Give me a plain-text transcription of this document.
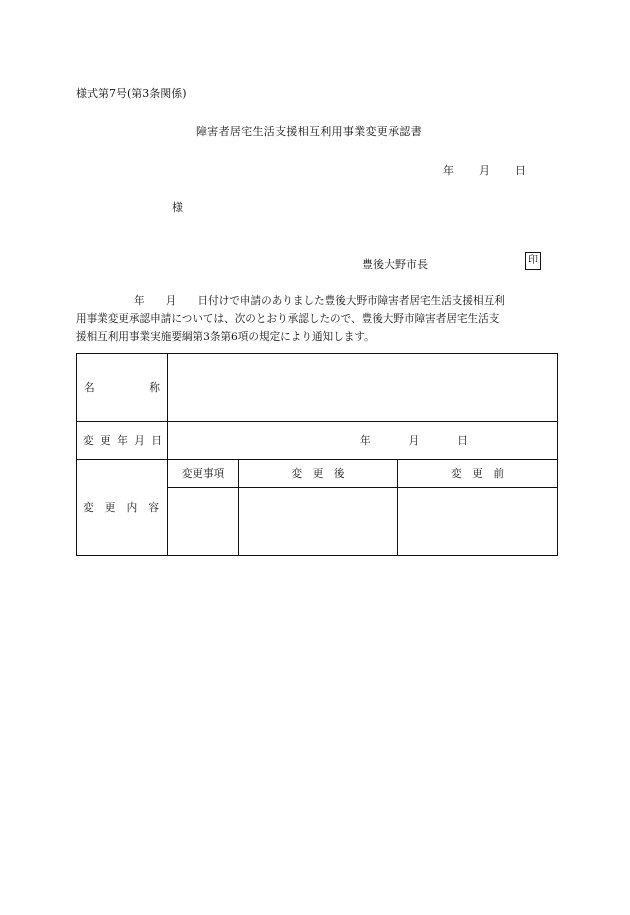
様式第7号(第3条関係)
障害者居宅生活支援相互利用事業変更承認書
年 月 日
様
豊後大野市長	印
年　　月　　日付けで申請のありました豊後大野市障害者居宅生活支援相互利
用事業変更承認申請については、次のとおり承認したので、豊後大野市障害者居宅生活支
援相互利用事業実施要綱第3条第6項の規定により通知します。
名 称			

変 更 年 月 日	年 月 日		

変 更 内 容	変更事項	変　更　後	変　更　前
